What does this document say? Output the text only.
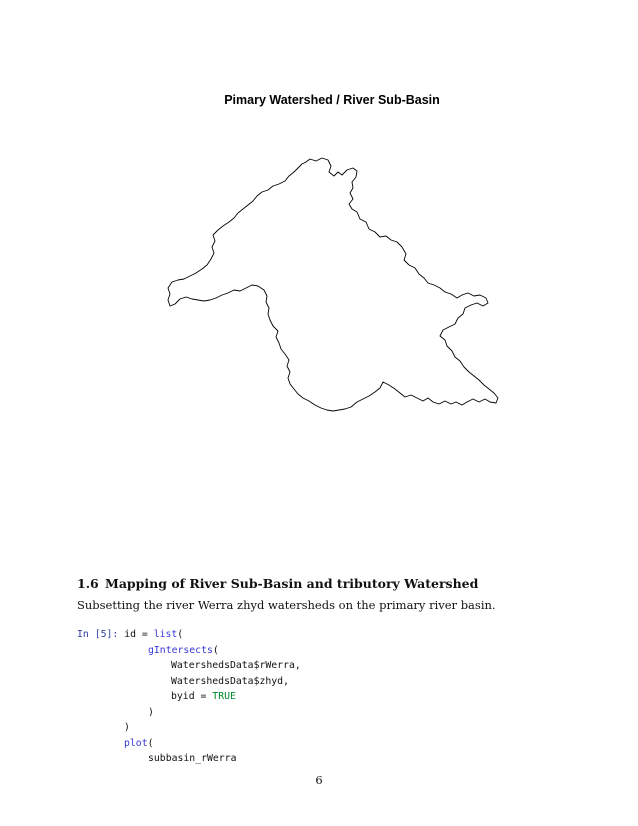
Pimary Watershed / River Sub-Basin
1.6 Mapping of River Sub-Basin and tributory Watershed
Subsetting the river Werra zhyd watersheds on the primary river basin.
In [5]: id = list(
gIntersects(
WatershedsData$rWerra,
WatershedsData$zhyd,
byid = TRUE
)
)
plot(
subbasin_rWerra
6
